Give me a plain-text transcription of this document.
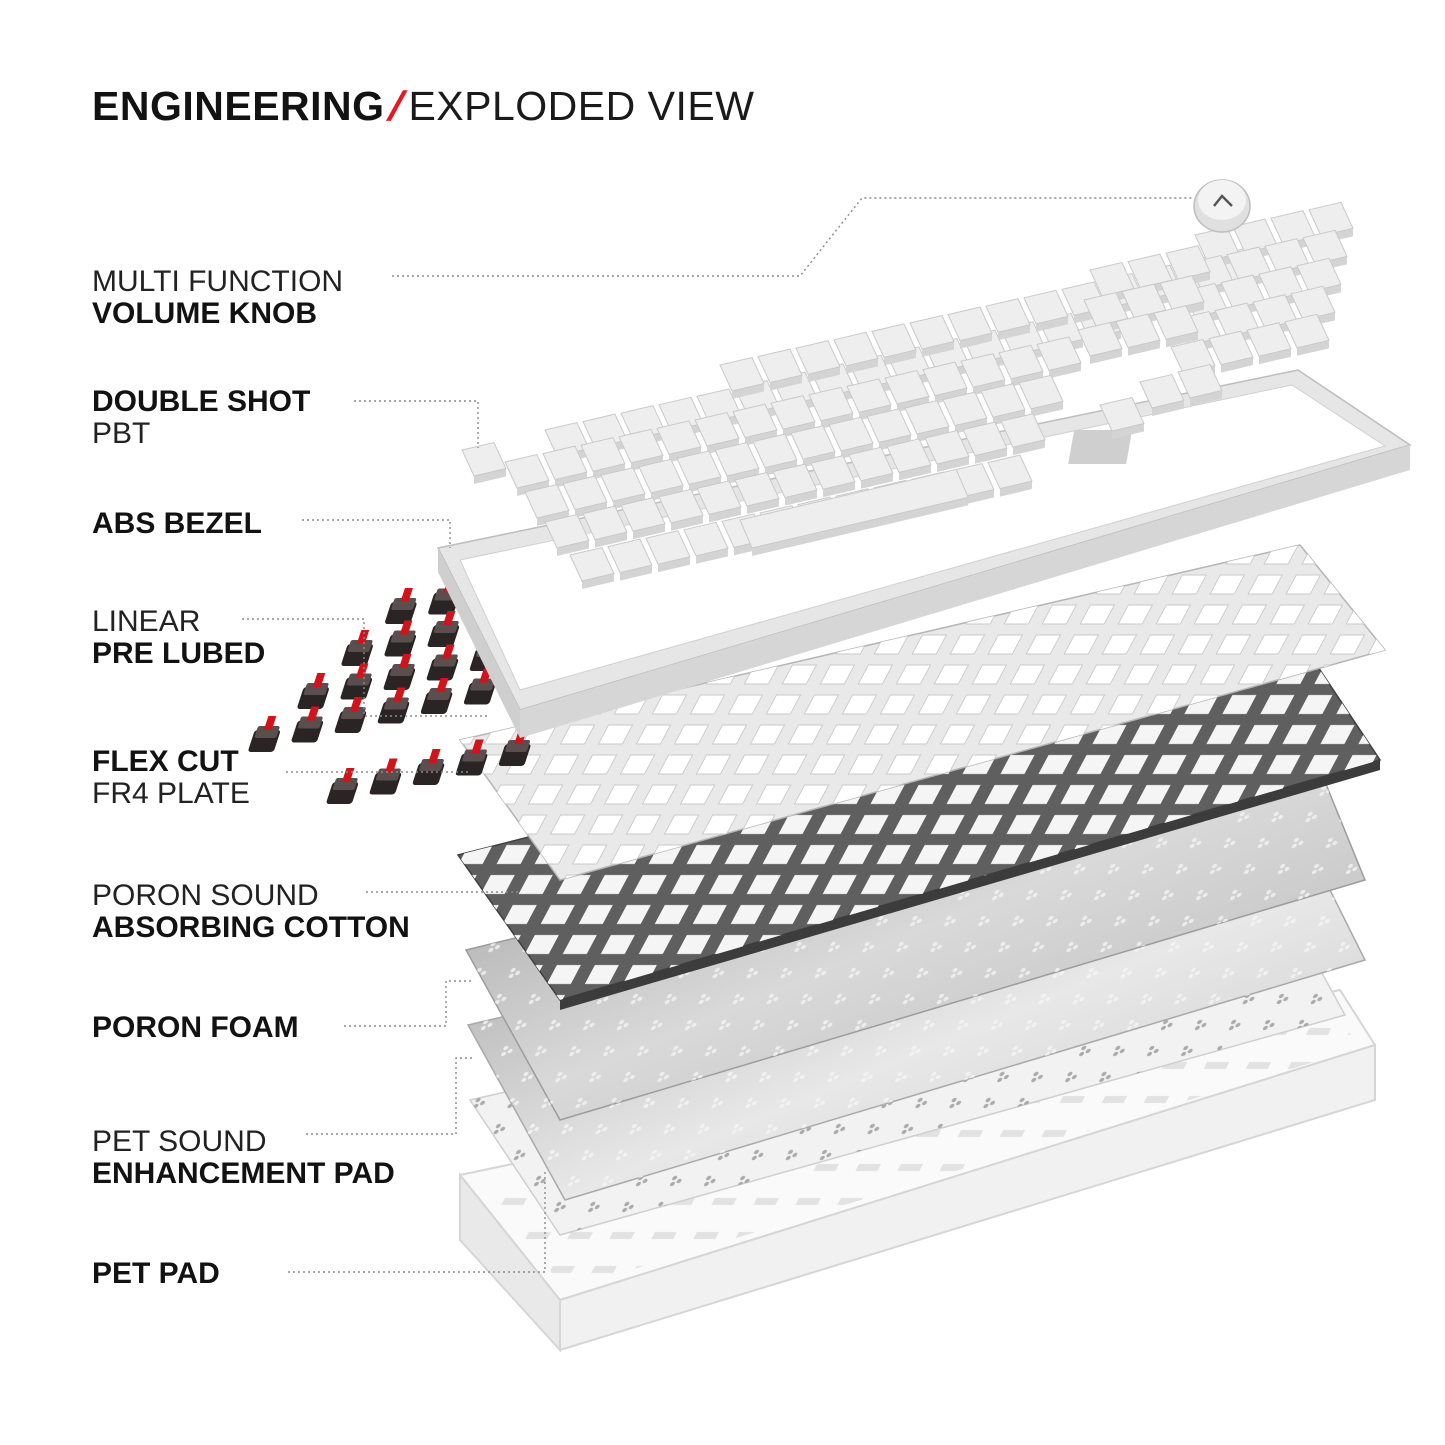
ENGINEERING/EXPLODED VIEW
MULTI FUNCTION
VOLUME KNOB
DOUBLE SHOT
PBT
ABS BEZEL
LINEAR
PRE LUBED
FLEX CUT
FR4 PLATE
PORON SOUND
ABSORBING COTTON
PORON FOAM
PET SOUND
ENHANCEMENT PAD
PET PAD
